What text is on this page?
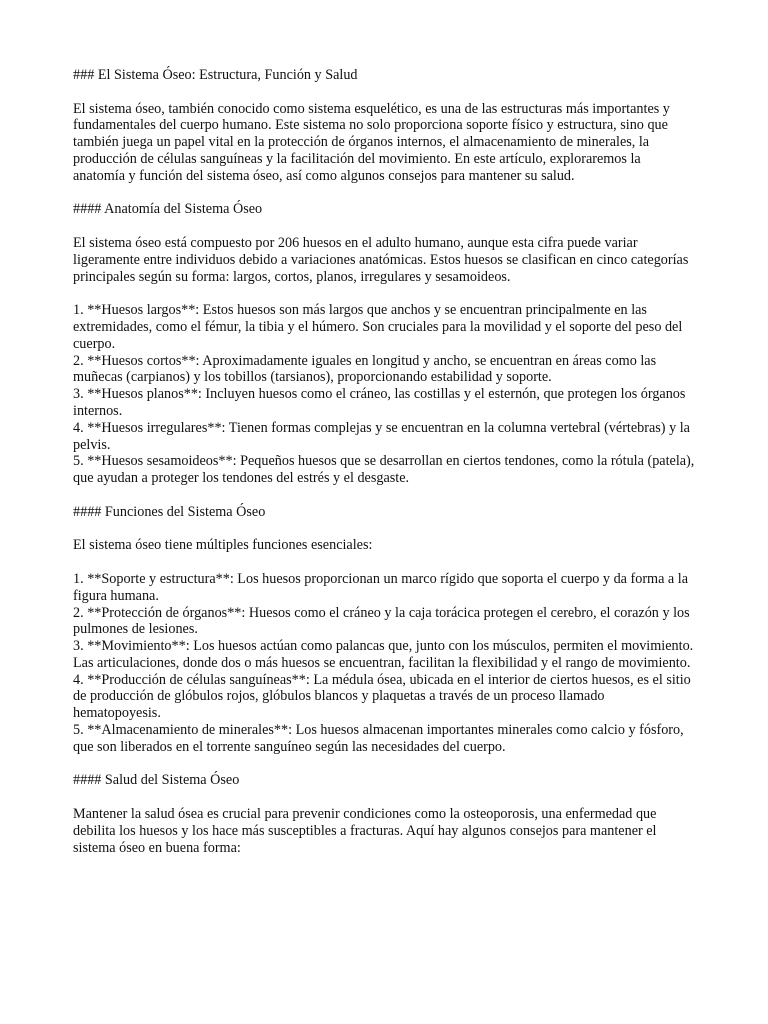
### El Sistema Óseo: Estructura, Función y Salud

El sistema óseo, también conocido como sistema esquelético, es una de las estructuras más importantes y fundamentales del cuerpo humano. Este sistema no solo proporciona soporte físico y estructura, sino que también juega un papel vital en la protección de órganos internos, el almacenamiento de minerales, la producción de células sanguíneas y la facilitación del movimiento. En este artículo, exploraremos la anatomía y función del sistema óseo, así como algunos consejos para mantener su salud.

#### Anatomía del Sistema Óseo

El sistema óseo está compuesto por 206 huesos en el adulto humano, aunque esta cifra puede variar ligeramente entre individuos debido a variaciones anatómicas. Estos huesos se clasifican en cinco categorías principales según su forma: largos, cortos, planos, irregulares y sesamoideos.

1. **Huesos largos**: Estos huesos son más largos que anchos y se encuentran principalmente en las extremidades, como el fémur, la tibia y el húmero. Son cruciales para la movilidad y el soporte del peso del cuerpo.
2. **Huesos cortos**: Aproximadamente iguales en longitud y ancho, se encuentran en áreas como las muñecas (carpianos) y los tobillos (tarsianos), proporcionando estabilidad y soporte.
3. **Huesos planos**: Incluyen huesos como el cráneo, las costillas y el esternón, que protegen los órganos internos.
4. **Huesos irregulares**: Tienen formas complejas y se encuentran en la columna vertebral (vértebras) y la pelvis.
5. **Huesos sesamoideos**: Pequeños huesos que se desarrollan en ciertos tendones, como la rótula (patela), que ayudan a proteger los tendones del estrés y el desgaste.

#### Funciones del Sistema Óseo

El sistema óseo tiene múltiples funciones esenciales:

1. **Soporte y estructura**: Los huesos proporcionan un marco rígido que soporta el cuerpo y da forma a la figura humana.
2. **Protección de órganos**: Huesos como el cráneo y la caja torácica protegen el cerebro, el corazón y los pulmones de lesiones.
3. **Movimiento**: Los huesos actúan como palancas que, junto con los músculos, permiten el movimiento. Las articulaciones, donde dos o más huesos se encuentran, facilitan la flexibilidad y el rango de movimiento.
4. **Producción de células sanguíneas**: La médula ósea, ubicada en el interior de ciertos huesos, es el sitio de producción de glóbulos rojos, glóbulos blancos y plaquetas a través de un proceso llamado hematopoyesis.
5. **Almacenamiento de minerales**: Los huesos almacenan importantes minerales como calcio y fósforo, que son liberados en el torrente sanguíneo según las necesidades del cuerpo.

#### Salud del Sistema Óseo

Mantener la salud ósea es crucial para prevenir condiciones como la osteoporosis, una enfermedad que debilita los huesos y los hace más susceptibles a fracturas. Aquí hay algunos consejos para mantener el sistema óseo en buena forma:
